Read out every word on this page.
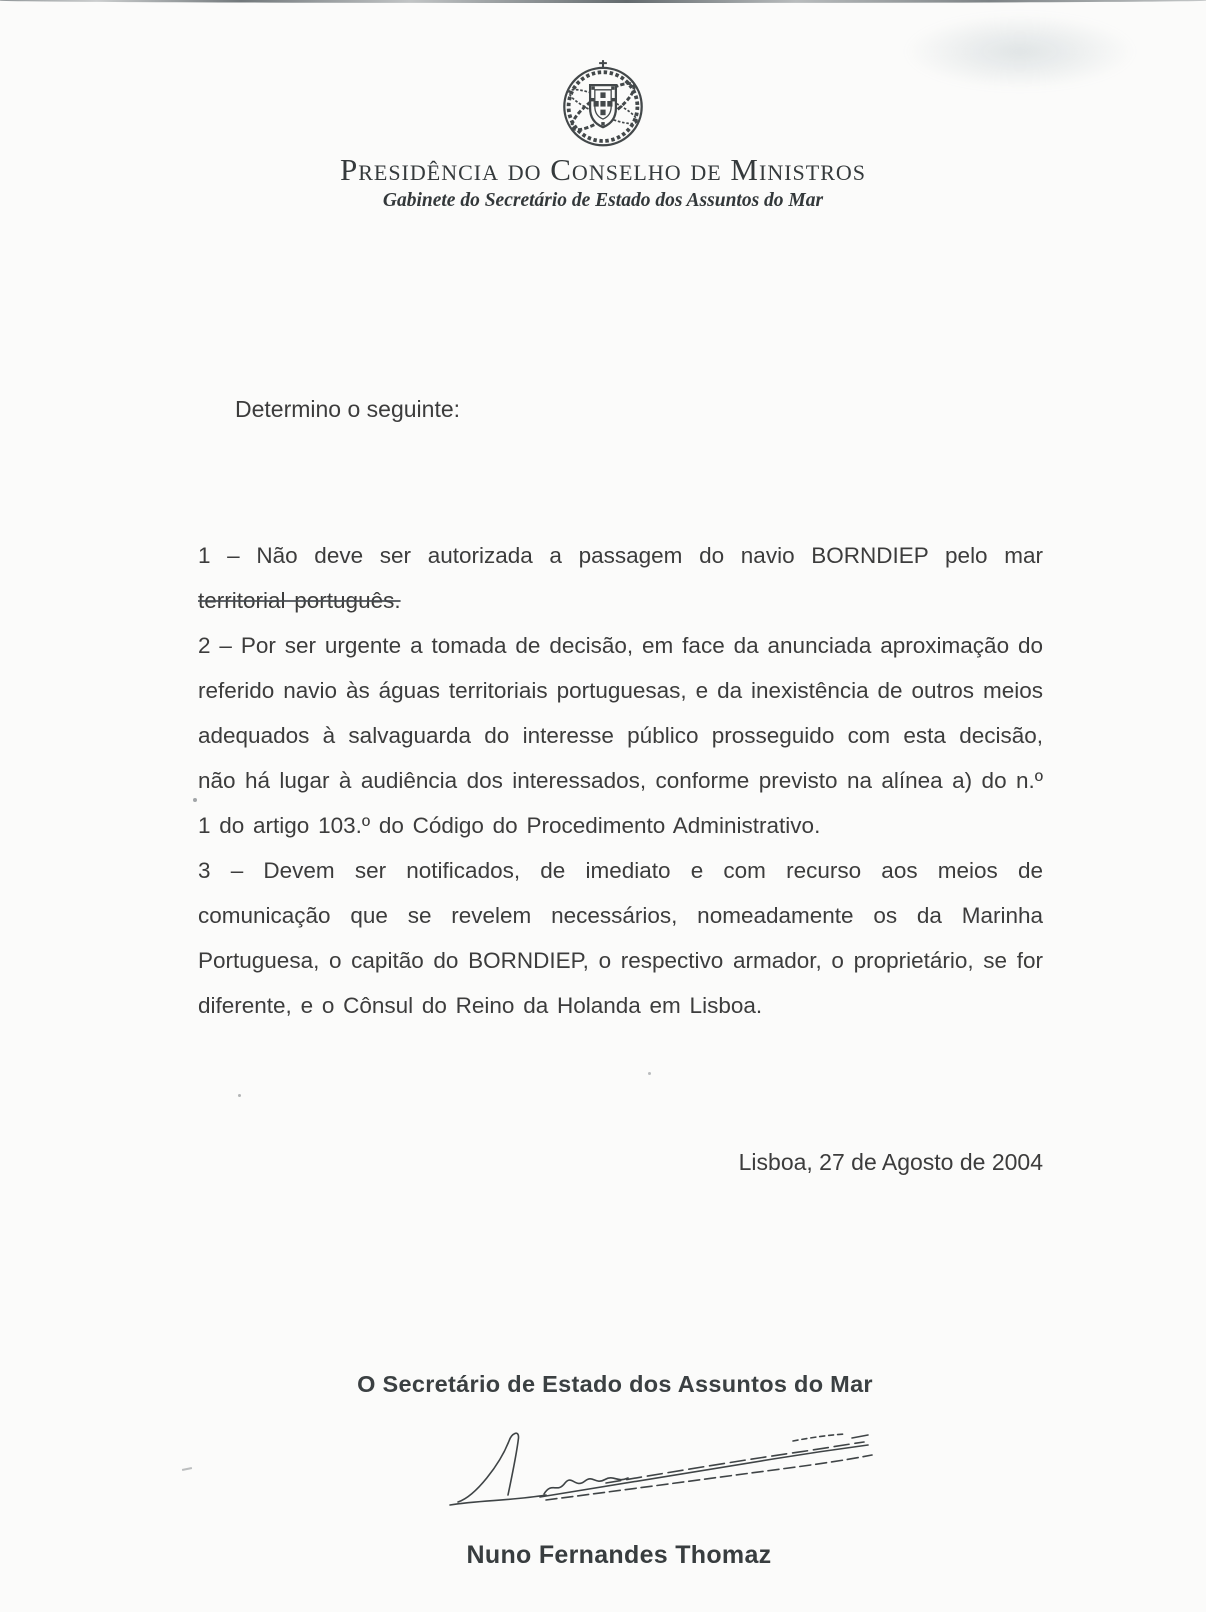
Presidência do Conselho de Ministros
Gabinete do Secretário de Estado dos Assuntos do Mar
Determino o seguinte:

1 – Não deve ser autorizada a passagem do navio BORNDIEP pelo mar territorial português.

2 – Por ser urgente a tomada de decisão, em face da anunciada aproximação do referido navio às águas territoriais portuguesas, e da inexistência de outros meios adequados à salvaguarda do interesse público prosseguido com esta decisão, não há lugar à audiência dos interessados, conforme previsto na alínea a) do n.º 1 do artigo 103.º do Código do Procedimento Administrativo.

3 – Devem ser notificados, de imediato e com recurso aos meios de comunicação que se revelem necessários, nomeadamente os da Marinha Portuguesa, o capitão do BORNDIEP, o respectivo armador, o proprietário, se for diferente, e o Cônsul do Reino da Holanda em Lisboa.

Lisboa, 27 de Agosto de 2004
O Secretário de Estado dos Assuntos do Mar
Nuno Fernandes Thomaz
